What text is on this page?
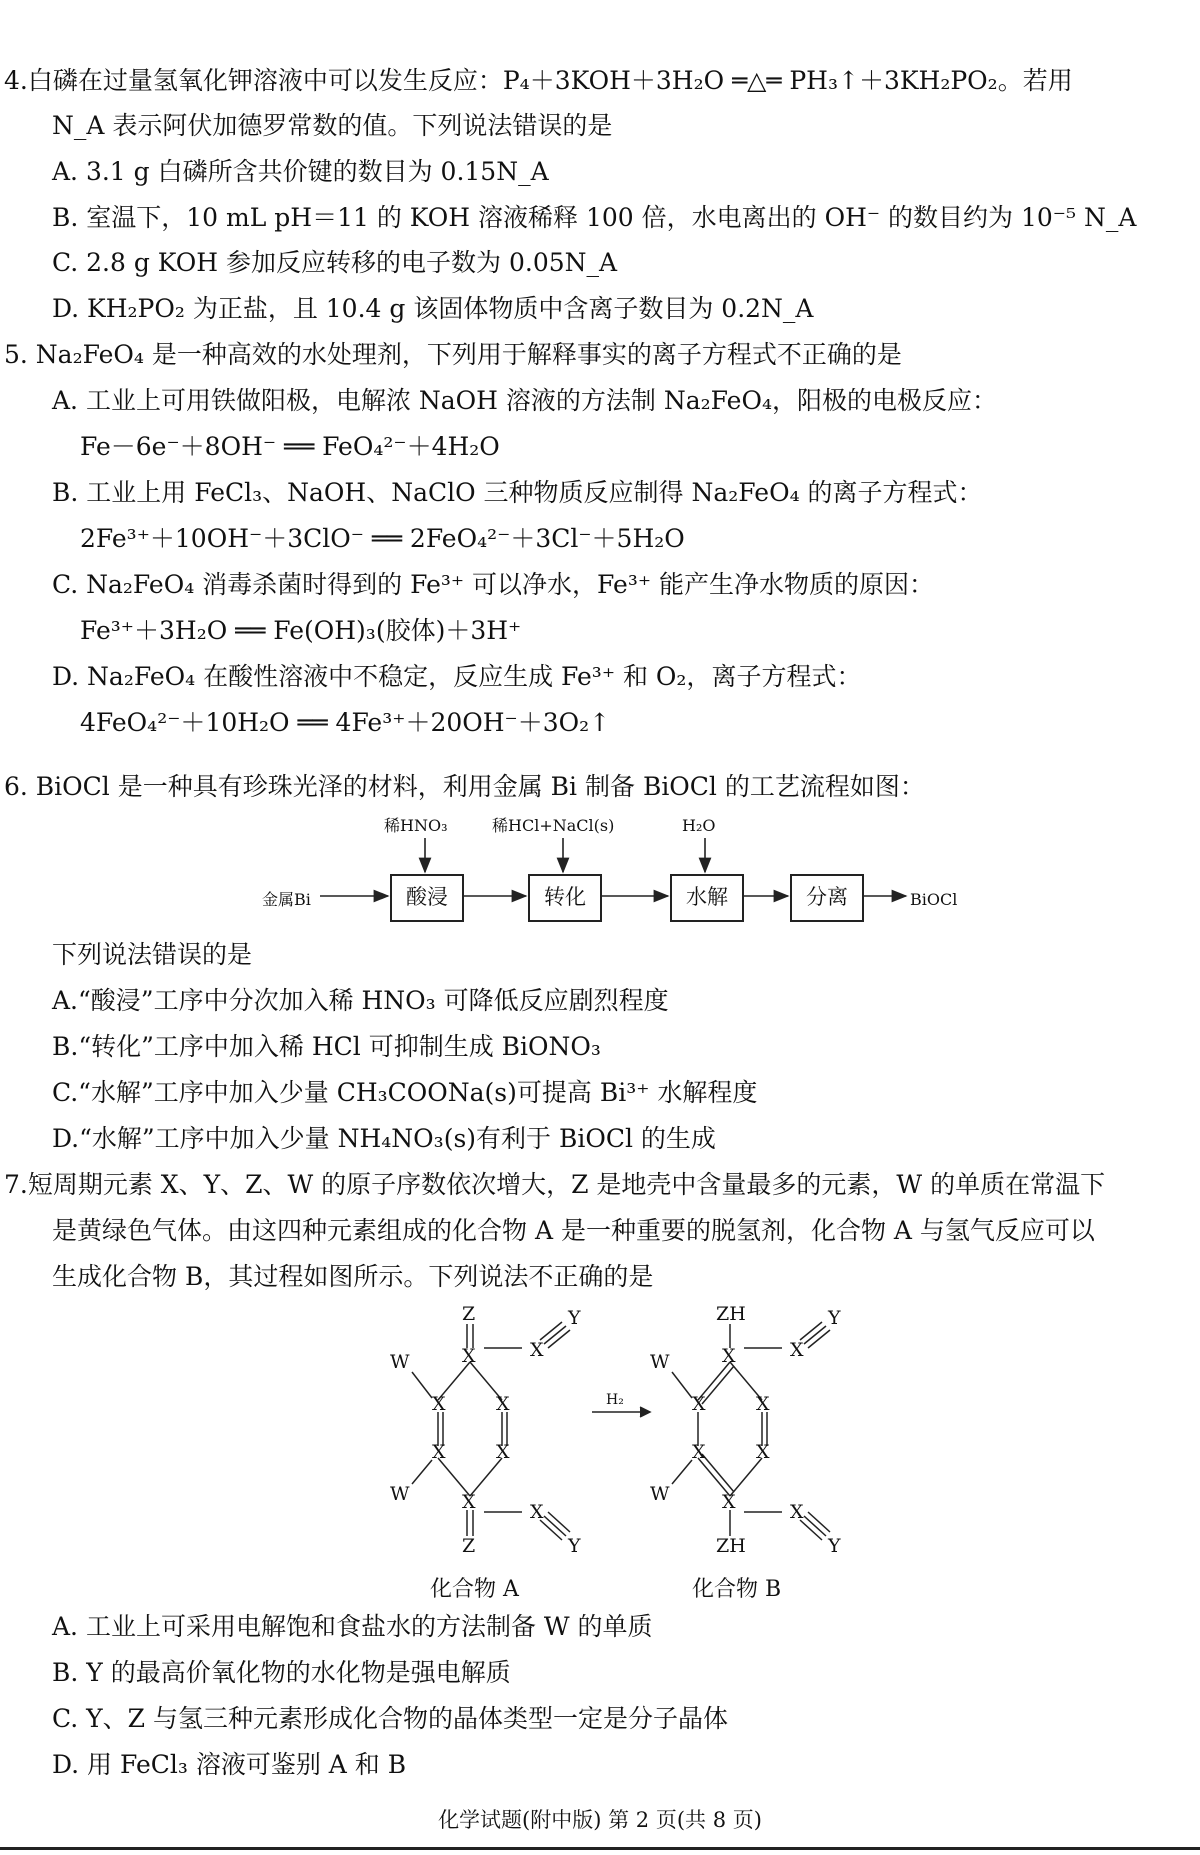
4.白磷在过量氢氧化钾溶液中可以发生反应：P₄＋3KOH＋3H₂O ═△═ PH₃↑＋3KH₂PO₂。若用
N_A 表示阿伏加德罗常数的值。下列说法错误的是
A. 3.1 g 白磷所含共价键的数目为 0.15N_A
B. 室温下，10 mL pH＝11 的 KOH 溶液稀释 100 倍，水电离出的 OH⁻ 的数目约为 10⁻⁵ N_A
C. 2.8 g KOH 参加反应转移的电子数为 0.05N_A
D. KH₂PO₂ 为正盐，且 10.4 g 该固体物质中含离子数目为 0.2N_A
5. Na₂FeO₄ 是一种高效的水处理剂，下列用于解释事实的离子方程式不正确的是
A. 工业上可用铁做阳极，电解浓 NaOH 溶液的方法制 Na₂FeO₄，阳极的电极反应：
Fe－6e⁻＋8OH⁻ ══ FeO₄²⁻＋4H₂O
B. 工业上用 FeCl₃、NaOH、NaClO 三种物质反应制得 Na₂FeO₄ 的离子方程式：
2Fe³⁺＋10OH⁻＋3ClO⁻ ══ 2FeO₄²⁻＋3Cl⁻＋5H₂O
C. Na₂FeO₄ 消毒杀菌时得到的 Fe³⁺ 可以净水，Fe³⁺ 能产生净水物质的原因：
Fe³⁺＋3H₂O ══ Fe(OH)₃(胶体)＋3H⁺
D. Na₂FeO₄ 在酸性溶液中不稳定，反应生成 Fe³⁺ 和 O₂，离子方程式：
4FeO₄²⁻＋10H₂O ══ 4Fe³⁺＋20OH⁻＋3O₂↑
6. BiOCl 是一种具有珍珠光泽的材料，利用金属 Bi 制备 BiOCl 的工艺流程如图：
稀HNO₃	稀HCl+NaCl(s)	H₂O
金属Bi	酸浸	转化	水解	分离	BiOCl
下列说法错误的是
A.“酸浸”工序中分次加入稀 HNO₃ 可降低反应剧烈程度
B.“转化”工序中加入稀 HCl 可抑制生成 BiONO₃
C.“水解”工序中加入少量 CH₃COONa(s)可提高 Bi³⁺ 水解程度
D.“水解”工序中加入少量 NH₄NO₃(s)有利于 BiOCl 的生成
7.短周期元素 X、Y、Z、W 的原子序数依次增大，Z 是地壳中含量最多的元素，W 的单质在常温下
是黄绿色气体。由这四种元素组成的化合物 A 是一种重要的脱氢剂，化合物 A 与氢气反应可以
生成化合物 B，其过程如图所示。下列说法不正确的是
Z
X
W
X
Y
X	X
X	X
W	X	X
Y
Z
ZH
X
W
X
Y
X	X
X	X
W	X	X
Y
ZH
H₂
化合物 A	化合物 B
A. 工业上可采用电解饱和食盐水的方法制备 W 的单质
B. Y 的最高价氧化物的水化物是强电解质
C. Y、Z 与氢三种元素形成化合物的晶体类型一定是分子晶体
D. 用 FeCl₃ 溶液可鉴别 A 和 B
化学试题(附中版) 第 2 页(共 8 页)
